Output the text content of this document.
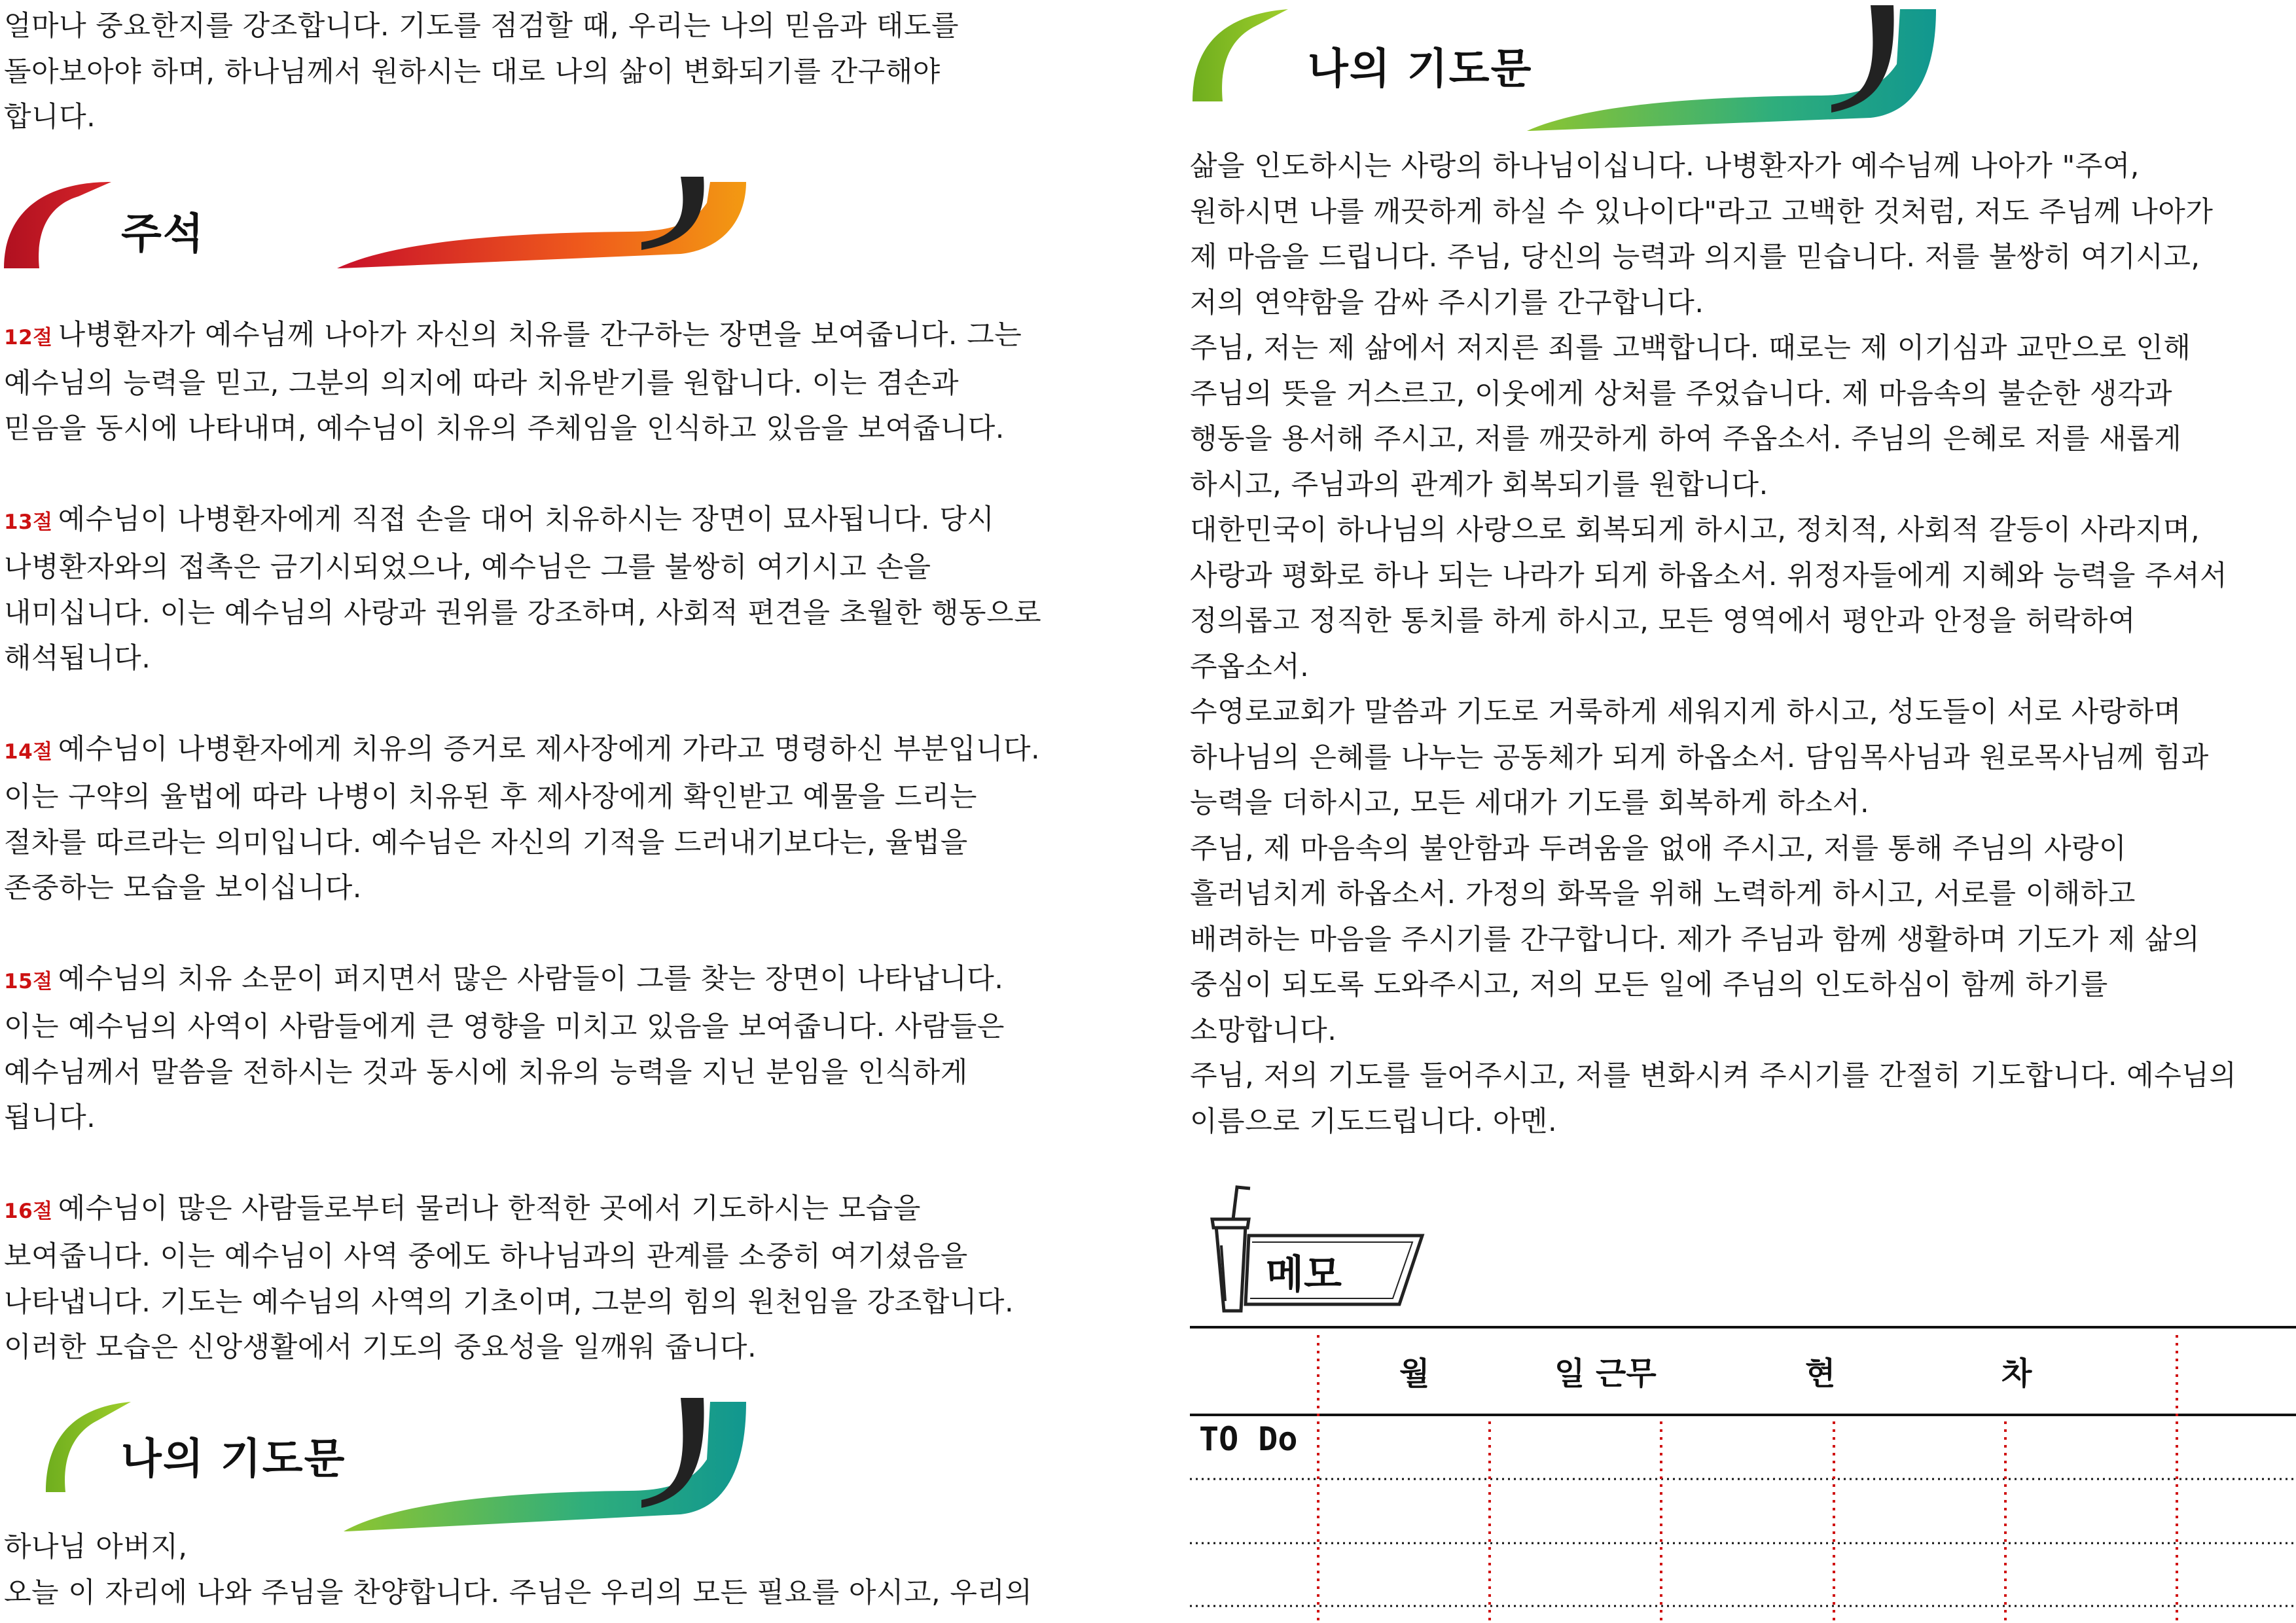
얼마나 중요한지를 강조합니다. 기도를 점검할 때, 우리는 나의 믿음과 태도를

돌아보아야 하며, 하나님께서 원하시는 대로 나의 삶이 변화되기를 간구해야

합니다.

주석

12절 나병환자가 예수님께 나아가 자신의 치유를 간구하는 장면을 보여줍니다. 그는

예수님의 능력을 믿고, 그분의 의지에 따라 치유받기를 원합니다. 이는 겸손과

믿음을 동시에 나타내며, 예수님이 치유의 주체임을 인식하고 있음을 보여줍니다.

13절 예수님이 나병환자에게 직접 손을 대어 치유하시는 장면이 묘사됩니다. 당시

나병환자와의 접촉은 금기시되었으나, 예수님은 그를 불쌍히 여기시고 손을

내미십니다. 이는 예수님의 사랑과 권위를 강조하며, 사회적 편견을 초월한 행동으로

해석됩니다.

14절 예수님이 나병환자에게 치유의 증거로 제사장에게 가라고 명령하신 부분입니다.

이는 구약의 율법에 따라 나병이 치유된 후 제사장에게 확인받고 예물을 드리는

절차를 따르라는 의미입니다. 예수님은 자신의 기적을 드러내기보다는, 율법을

존중하는 모습을 보이십니다.

15절 예수님의 치유 소문이 퍼지면서 많은 사람들이 그를 찾는 장면이 나타납니다.

이는 예수님의 사역이 사람들에게 큰 영향을 미치고 있음을 보여줍니다. 사람들은

예수님께서 말씀을 전하시는 것과 동시에 치유의 능력을 지닌 분임을 인식하게

됩니다.

16절 예수님이 많은 사람들로부터 물러나 한적한 곳에서 기도하시는 모습을

보여줍니다. 이는 예수님이 사역 중에도 하나님과의 관계를 소중히 여기셨음을

나타냅니다. 기도는 예수님의 사역의 기초이며, 그분의 힘의 원천임을 강조합니다.

이러한 모습은 신앙생활에서 기도의 중요성을 일깨워 줍니다.

나의 기도문

하나님 아버지,

오늘 이 자리에 나와 주님을 찬양합니다. 주님은 우리의 모든 필요를 아시고, 우리의

나의 기도문

삶을 인도하시는 사랑의 하나님이십니다. 나병환자가 예수님께 나아가 "주여,

원하시면 나를 깨끗하게 하실 수 있나이다"라고 고백한 것처럼, 저도 주님께 나아가

제 마음을 드립니다. 주님, 당신의 능력과 의지를 믿습니다. 저를 불쌍히 여기시고,

저의 연약함을 감싸 주시기를 간구합니다.

주님, 저는 제 삶에서 저지른 죄를 고백합니다. 때로는 제 이기심과 교만으로 인해

주님의 뜻을 거스르고, 이웃에게 상처를 주었습니다. 제 마음속의 불순한 생각과

행동을 용서해 주시고, 저를 깨끗하게 하여 주옵소서. 주님의 은혜로 저를 새롭게

하시고, 주님과의 관계가 회복되기를 원합니다.

대한민국이 하나님의 사랑으로 회복되게 하시고, 정치적, 사회적 갈등이 사라지며,

사랑과 평화로 하나 되는 나라가 되게 하옵소서. 위정자들에게 지혜와 능력을 주셔서

정의롭고 정직한 통치를 하게 하시고, 모든 영역에서 평안과 안정을 허락하여

주옵소서.

수영로교회가 말씀과 기도로 거룩하게 세워지게 하시고, 성도들이 서로 사랑하며

하나님의 은혜를 나누는 공동체가 되게 하옵소서. 담임목사님과 원로목사님께 힘과

능력을 더하시고, 모든 세대가 기도를 회복하게 하소서.

주님, 제 마음속의 불안함과 두려움을 없애 주시고, 저를 통해 주님의 사랑이

흘러넘치게 하옵소서. 가정의 화목을 위해 노력하게 하시고, 서로를 이해하고

배려하는 마음을 주시기를 간구합니다. 제가 주님과 함께 생활하며 기도가 제 삶의

중심이 되도록 도와주시고, 저의 모든 일에 주님의 인도하심이 함께 하기를

소망합니다.

주님, 저의 기도를 들어주시고, 저를 변화시켜 주시기를 간절히 기도합니다. 예수님의

이름으로 기도드립니다. 아멘.

메모
월	일 근무	현	차
TO Do
